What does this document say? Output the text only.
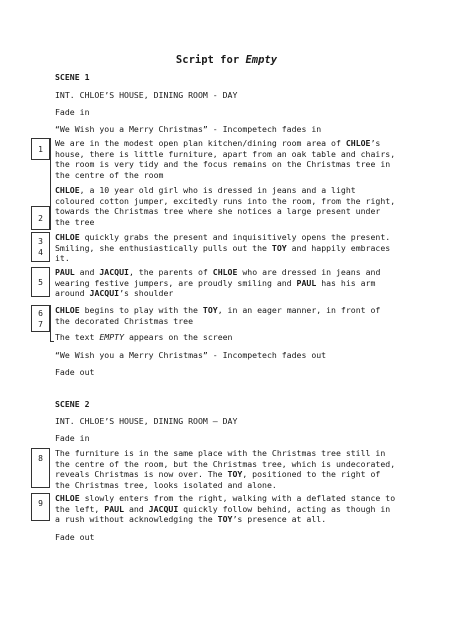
Script for Empty
SCENE 1
INT. CHLOE’S HOUSE, DINING ROOM - DAY
Fade in
“We Wish you a Merry Christmas” - Incompetech fades in
1
We are in the modest open plan kitchen/dining room area of CHLOE’s house, there is little furniture, apart from an oak table and chairs, the room is very tidy and the focus remains on the Christmas tree in the centre of the room
CHLOE, a 10 year old girl who is dressed in jeans and a light coloured cotton jumper, excitedly runs into the room, from the right, towards the Christmas tree where she notices a large present under the tree
2
3
4
CHLOE quickly grabs the present and inquisitively opens the present. Smiling, she enthusiastically pulls out the TOY and happily embraces it.
5
PAUL and JACQUI, the parents of CHLOE who are dressed in jeans and wearing festive jumpers, are proudly smiling and PAUL has his arm around JACQUI’s shoulder
6
7
CHLOE begins to play with the TOY, in an eager manner, in front of the decorated Christmas tree
The text EMPTY appears on the screen
“We Wish you a Merry Christmas” - Incompetech fades out
Fade out
SCENE 2
INT. CHLOE’S HOUSE, DINING ROOM – DAY
Fade in
8
The furniture is in the same place with the Christmas tree still in the centre of the room, but the Christmas tree, which is undecorated, reveals Christmas is now over. The TOY, positioned to the right of the Christmas tree, looks isolated and alone.
9
CHLOE slowly enters from the right, walking with a deflated stance to the left, PAUL and JACQUI quickly follow behind, acting as though in a rush without acknowledging the TOY’s presence at all.
Fade out
